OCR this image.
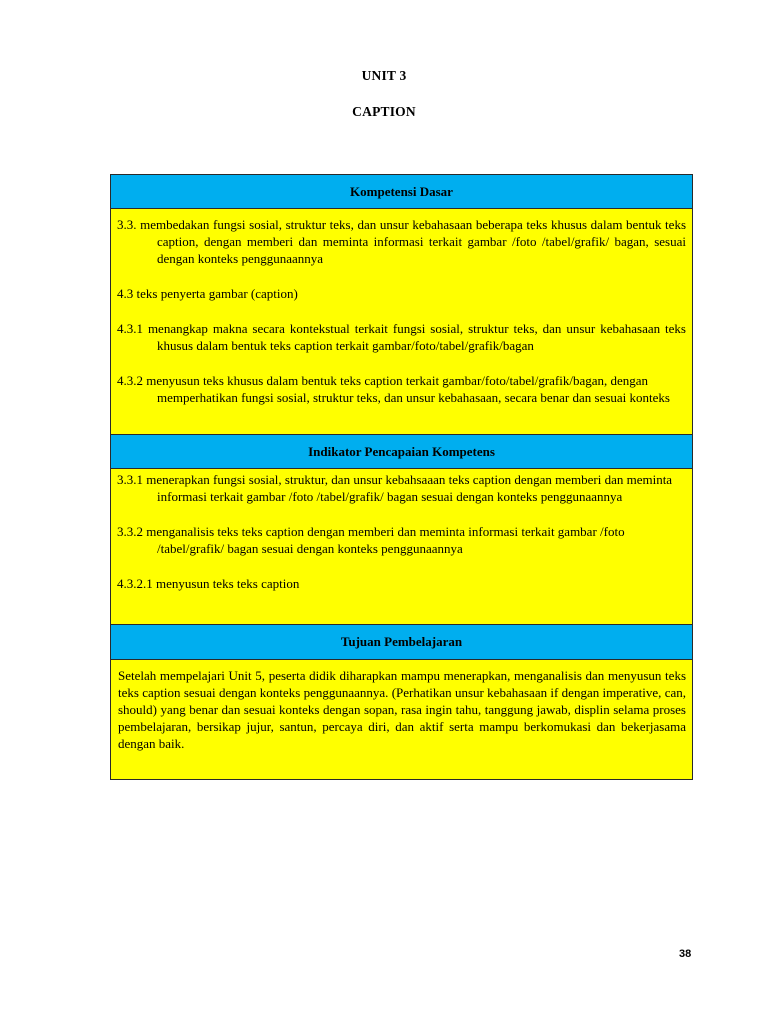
UNIT 3
CAPTION
Kompetensi Dasar
3.3. membedakan fungsi sosial, struktur teks, dan unsur kebahasaan beberapa teks khusus dalam bentuk teks caption, dengan memberi dan meminta informasi terkait gambar /foto /tabel/grafik/ bagan, sesuai dengan konteks penggunaannya
4.3 teks penyerta gambar (caption)
4.3.1 menangkap makna secara kontekstual terkait fungsi sosial, struktur teks, dan unsur kebahasaan teks khusus dalam bentuk teks caption terkait gambar/foto/tabel/grafik/bagan
4.3.2 menyusun teks khusus dalam bentuk teks caption terkait gambar/foto/tabel/grafik/bagan, dengan memperhatikan fungsi sosial, struktur teks, dan unsur kebahasaan, secara benar dan sesuai konteks
Indikator Pencapaian Kompetens
3.3.1 menerapkan fungsi sosial, struktur, dan unsur kebahsaaan teks caption dengan memberi dan meminta informasi terkait gambar /foto /tabel/grafik/ bagan sesuai dengan konteks penggunaannya
3.3.2 menganalisis teks teks caption dengan memberi dan meminta informasi terkait gambar /foto /tabel/grafik/ bagan sesuai dengan konteks penggunaannya
4.3.2.1 menyusun teks teks caption
Tujuan Pembelajaran
Setelah mempelajari Unit 5, peserta didik diharapkan mampu menerapkan, menganalisis dan menyusun teks teks caption sesuai dengan konteks penggunaannya. (Perhatikan unsur kebahasaan if dengan imperative, can, should) yang benar dan sesuai konteks dengan sopan, rasa ingin tahu, tanggung jawab, displin selama proses pembelajaran, bersikap jujur, santun, percaya diri, dan aktif serta mampu berkomukasi dan bekerjasama dengan baik.
38
